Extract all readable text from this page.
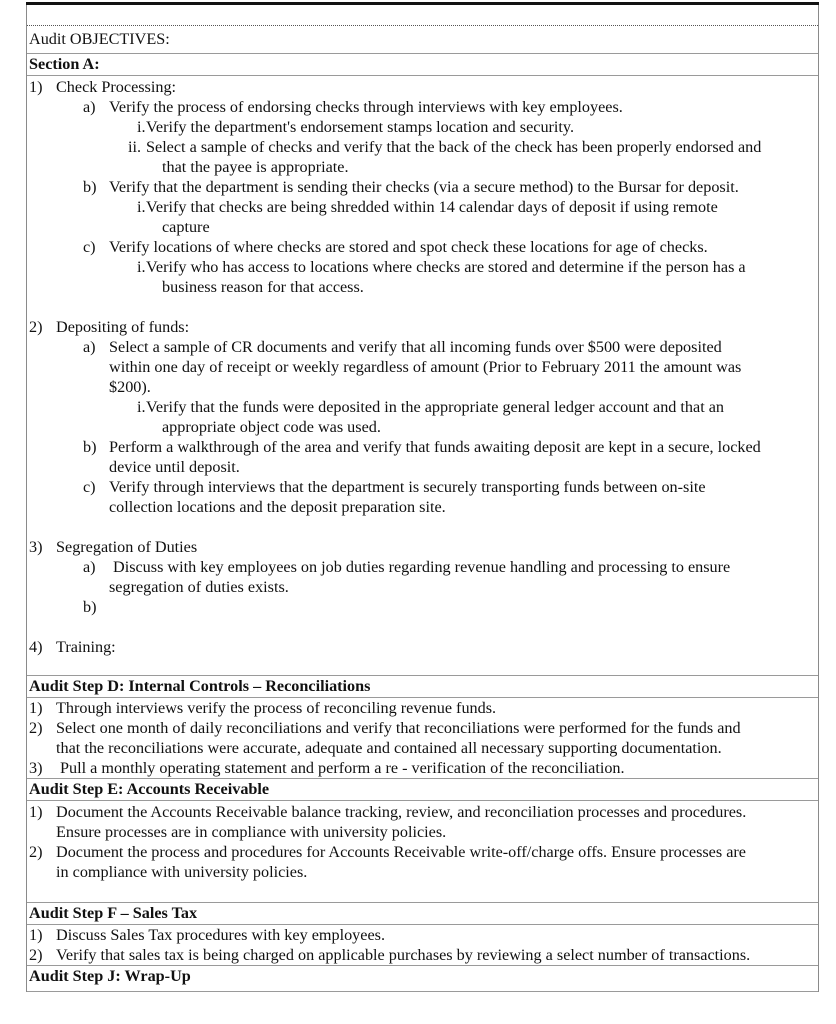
Audit OBJECTIVES:
Section A:
1) Check Processing:
a) Verify the process of endorsing checks through interviews with key employees.
i. Verify the department's endorsement stamps location and security.
ii. Select a sample of checks and verify that the back of the check has been properly endorsed and
that the payee is appropriate.
b) Verify that the department is sending their checks (via a secure method) to the Bursar for deposit.
i. Verify that checks are being shredded within 14 calendar days of deposit if using remote
capture
c) Verify locations of where checks are stored and spot check these locations for age of checks.
i. Verify who has access to locations where checks are stored and determine if the person has a
business reason for that access.
2) Depositing of funds:
a) Select a sample of CR documents and verify that all incoming funds over $500 were deposited
within one day of receipt or weekly regardless of amount (Prior to February 2011 the amount was
$200).
i. Verify that the funds were deposited in the appropriate general ledger account and that an
appropriate object code was used.
b) Perform a walkthrough of the area and verify that funds awaiting deposit are kept in a secure, locked
device until deposit.
c) Verify through interviews that the department is securely transporting funds between on-site
collection locations and the deposit preparation site.
3) Segregation of Duties
a) Discuss with key employees on job duties regarding revenue handling and processing to ensure
segregation of duties exists.
b)

4) Training:
Audit Step D: Internal Controls – Reconciliations
1) Through interviews verify the process of reconciling revenue funds.
2) Select one month of daily reconciliations and verify that reconciliations were performed for the funds and
that the reconciliations were accurate, adequate and contained all necessary supporting documentation.
3) Pull a monthly operating statement and perform a re - verification of the reconciliation.
Audit Step E: Accounts Receivable
1) Document the Accounts Receivable balance tracking, review, and reconciliation processes and procedures.
Ensure processes are in compliance with university policies.
2) Document the process and procedures for Accounts Receivable write-off/charge offs. Ensure processes are
in compliance with university policies.
Audit Step F – Sales Tax
1) Discuss Sales Tax procedures with key employees.
2) Verify that sales tax is being charged on applicable purchases by reviewing a select number of transactions.
Audit Step J: Wrap-Up
